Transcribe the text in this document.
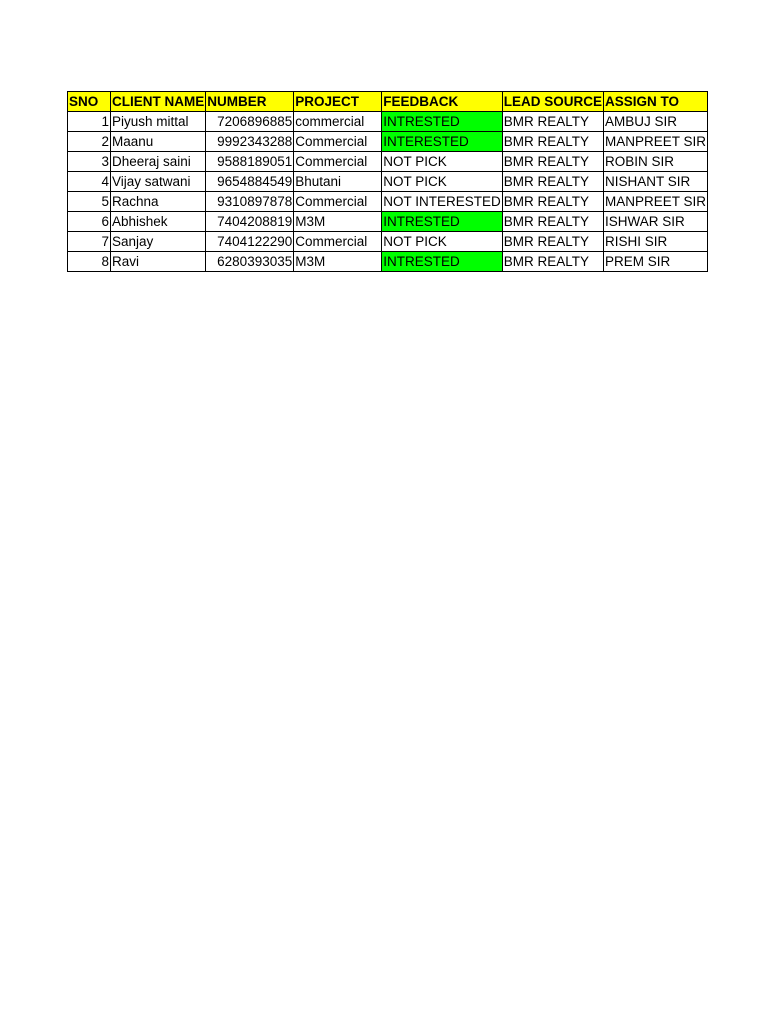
SNO	CLIENT NAME	NUMBER	PROJECT	FEEDBACK	LEAD SOURCE	ASSIGN TO
1	Piyush mittal	7206896885	commercial	INTRESTED	BMR REALTY	AMBUJ SIR
2	Maanu	9992343288	Commercial	INTERESTED	BMR REALTY	MANPREET SIR
3	Dheeraj saini	9588189051	Commercial	NOT PICK	BMR REALTY	ROBIN SIR
4	Vijay satwani	9654884549	Bhutani	NOT PICK	BMR REALTY	NISHANT SIR
5	Rachna	9310897878	Commercial	NOT INTERESTED	BMR REALTY	MANPREET SIR
6	Abhishek	7404208819	M3M	INTRESTED	BMR REALTY	ISHWAR SIR
7	Sanjay	7404122290	Commercial	NOT PICK	BMR REALTY	RISHI SIR
8	Ravi	6280393035	M3M	INTRESTED	BMR REALTY	PREM SIR
